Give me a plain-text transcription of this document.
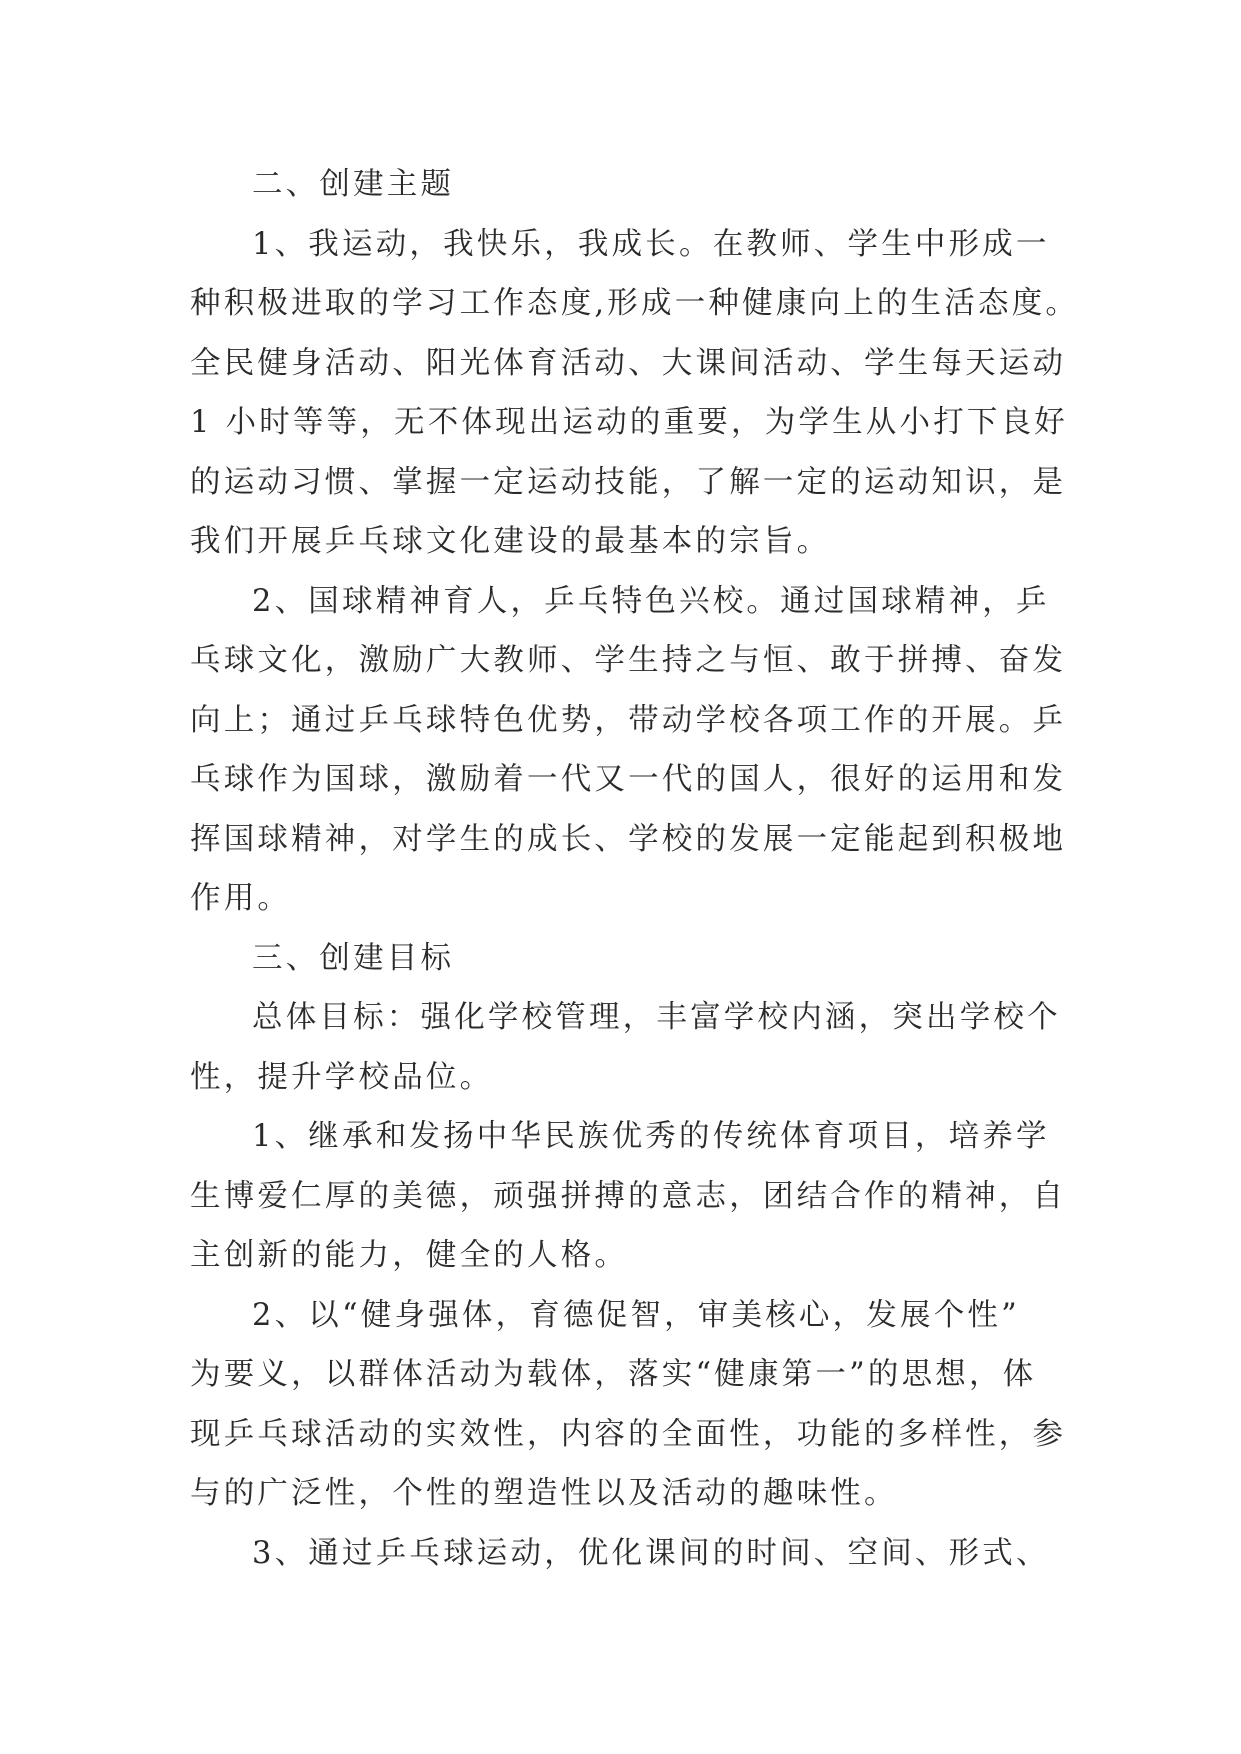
二、创建主题
1、我运动，我快乐，我成长。在教师、学生中形成一
种积极进取的学习工作态度,形成一种健康向上的生活态度。
全民健身活动、阳光体育活动、大课间活动、学生每天运动
1 小时等等，无不体现出运动的重要，为学生从小打下良好
的运动习惯、掌握一定运动技能，了解一定的运动知识，是
我们开展乒乓球文化建设的最基本的宗旨。
2、国球精神育人，乒乓特色兴校。通过国球精神，乒
乓球文化，激励广大教师、学生持之与恒、敢于拼搏、奋发
向上；通过乒乓球特色优势，带动学校各项工作的开展。乒
乓球作为国球，激励着一代又一代的国人，很好的运用和发
挥国球精神，对学生的成长、学校的发展一定能起到积极地
作用。
三、创建目标
总体目标：强化学校管理，丰富学校内涵，突出学校个
性，提升学校品位。
1、继承和发扬中华民族优秀的传统体育项目，培养学
生博爱仁厚的美德，顽强拼搏的意志，团结合作的精神，自
主创新的能力，健全的人格。
2、以“健身强体，育德促智，审美核心，发展个性”
为要义，以群体活动为载体，落实“健康第一”的思想，体
现乒乓球活动的实效性，内容的全面性，功能的多样性，参
与的广泛性，个性的塑造性以及活动的趣味性。
3、通过乒乓球运动，优化课间的时间、空间、形式、
